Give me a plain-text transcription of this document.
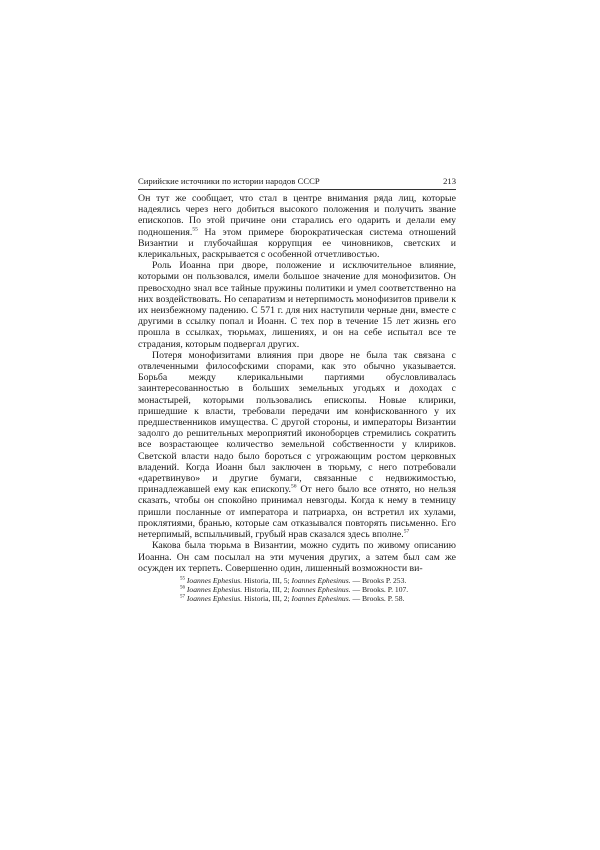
Сирийские источники по истории народов СССР	213

Он тут же сообщает, что стал в центре внимания ряда лиц, которые надеялись через него добиться высокого положения и получить звание епископов. По этой причине они старались его одарить и делали ему подношения.$^{55}$ На этом примере бюрократическая система отношений Византии и глубочайшая коррупция ее чиновников, светских и клерикальных, раскрывается с особенной отчетливостью.

Роль Иоанна при дворе, положение и исключительное влияние, которыми он пользовался, имели большое значение для монофизитов. Он превосходно знал все тайные пружины политики и умел соответственно на них воздействовать. Но сепаратизм и нетерпимость монофизитов привели к их неизбежному падению. С 571 г. для них наступили черные дни, вместе с другими в ссылку попал и Иоанн. С тех пор в течение 15 лет жизнь его прошла в ссылках, тюрьмах, лишениях, и он на себе испытал все те страдания, которым подвергал других.

Потеря монофизитами влияния при дворе не была так связана с отвлеченными философскими спорами, как это обычно указывается. Борьба между клерикальными партиями обусловливалась заинтересованностью в больших земельных угодьях и доходах с монастырей, которыми пользовались епископы. Новые клирики, пришедшие к власти, требовали передачи им конфискованного у их предшественников имущества. С другой стороны, и императоры Византии задолго до решительных мероприятий иконоборцев стремились сократить все возрастающее количество земельной собственности у клириков. Светской власти надо было бороться с угрожающим ростом церковных владений. Когда Иоанн был заключен в тюрьму, с него потребовали «даретвинуво» и другие бумаги, связанные с недвижимостью, принадлежавшей ему как епископу.$^{56}$ От него было все отнято, но нельзя сказать, чтобы он спокойно принимал невзгоды. Когда к нему в темницу пришли посланные от императора и патриарха, он встретил их хулами, проклятиями, бранью, которые сам отказывался повторять письменно. Его нетерпимый, вспыльчивый, грубый нрав сказался здесь вполне.$^{57}$

Какова была тюрьма в Византии, можно судить по живому описанию Иоанна. Он сам посылал на эти мучения других, а затем был сам же осужден их терпеть. Совершенно один, лишенный возможности ви-

$^{55}$ Ioannes Ephesius. Historia, III, 5; Ioannes Ephesinus. — Brooks P. 253.

$^{56}$ Ioannes Ephesius. Historia, III, 2; Ioannes Ephesinus. — Brooks. P. 107.

$^{57}$ Ioannes Ephesius. Historia, III, 2; Ioannes Ephesinus. — Brooks. P. 58.
